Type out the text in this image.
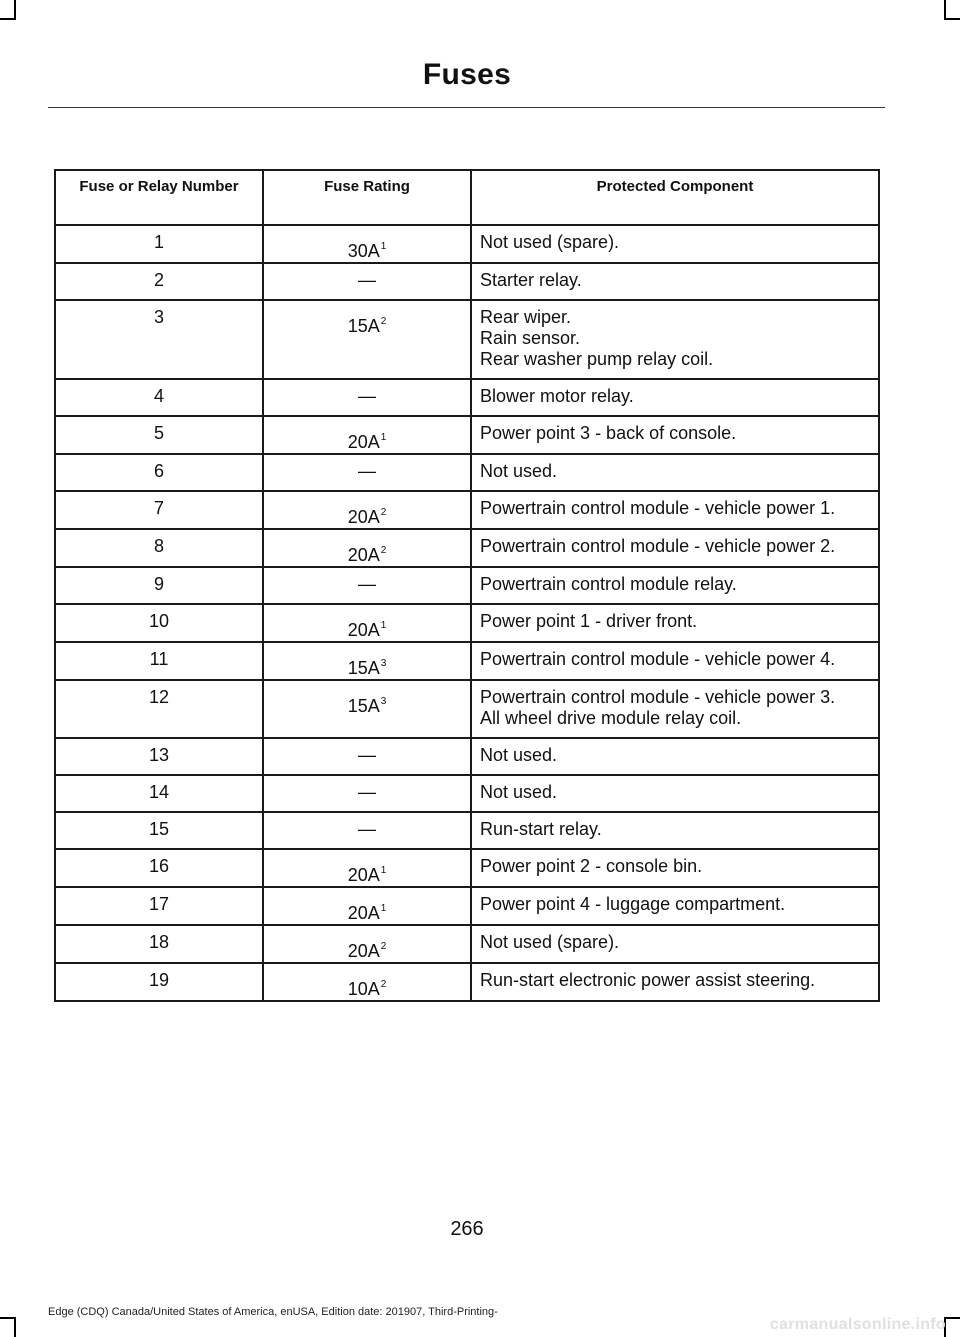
Fuses
Fuse or Relay Number	Fuse Rating	Protected Component
1	$30A^1$	Not used (spare).

2	—	Starter relay.

3	$15A^2$	Rear wiper.
Rain sensor.
Rear washer pump relay coil.

4	—	Blower motor relay.

5	$20A^1$	Power point 3 - back of console.

6	—	Not used.

7	$20A^2$	Powertrain control module - vehicle power 1.

8	$20A^2$	Powertrain control module - vehicle power 2.

9	—	Powertrain control module relay.

10	$20A^1$	Power point 1 - driver front.

11	$15A^3$	Powertrain control module - vehicle power 4.

12	$15A^3$	Powertrain control module - vehicle power 3.
All wheel drive module relay coil.

13	—	Not used.

14	—	Not used.

15	—	Run-start relay.

16	$20A^1$	Power point 2 - console bin.

17	$20A^1$	Power point 4 - luggage compartment.

18	$20A^2$	Not used (spare).

19	$10A^2$	Run-start electronic power assist steering.
266
Edge (CDQ) Canada/United States of America, enUSA, Edition date: 201907, Third-Printing-
carmanualsonline.info
